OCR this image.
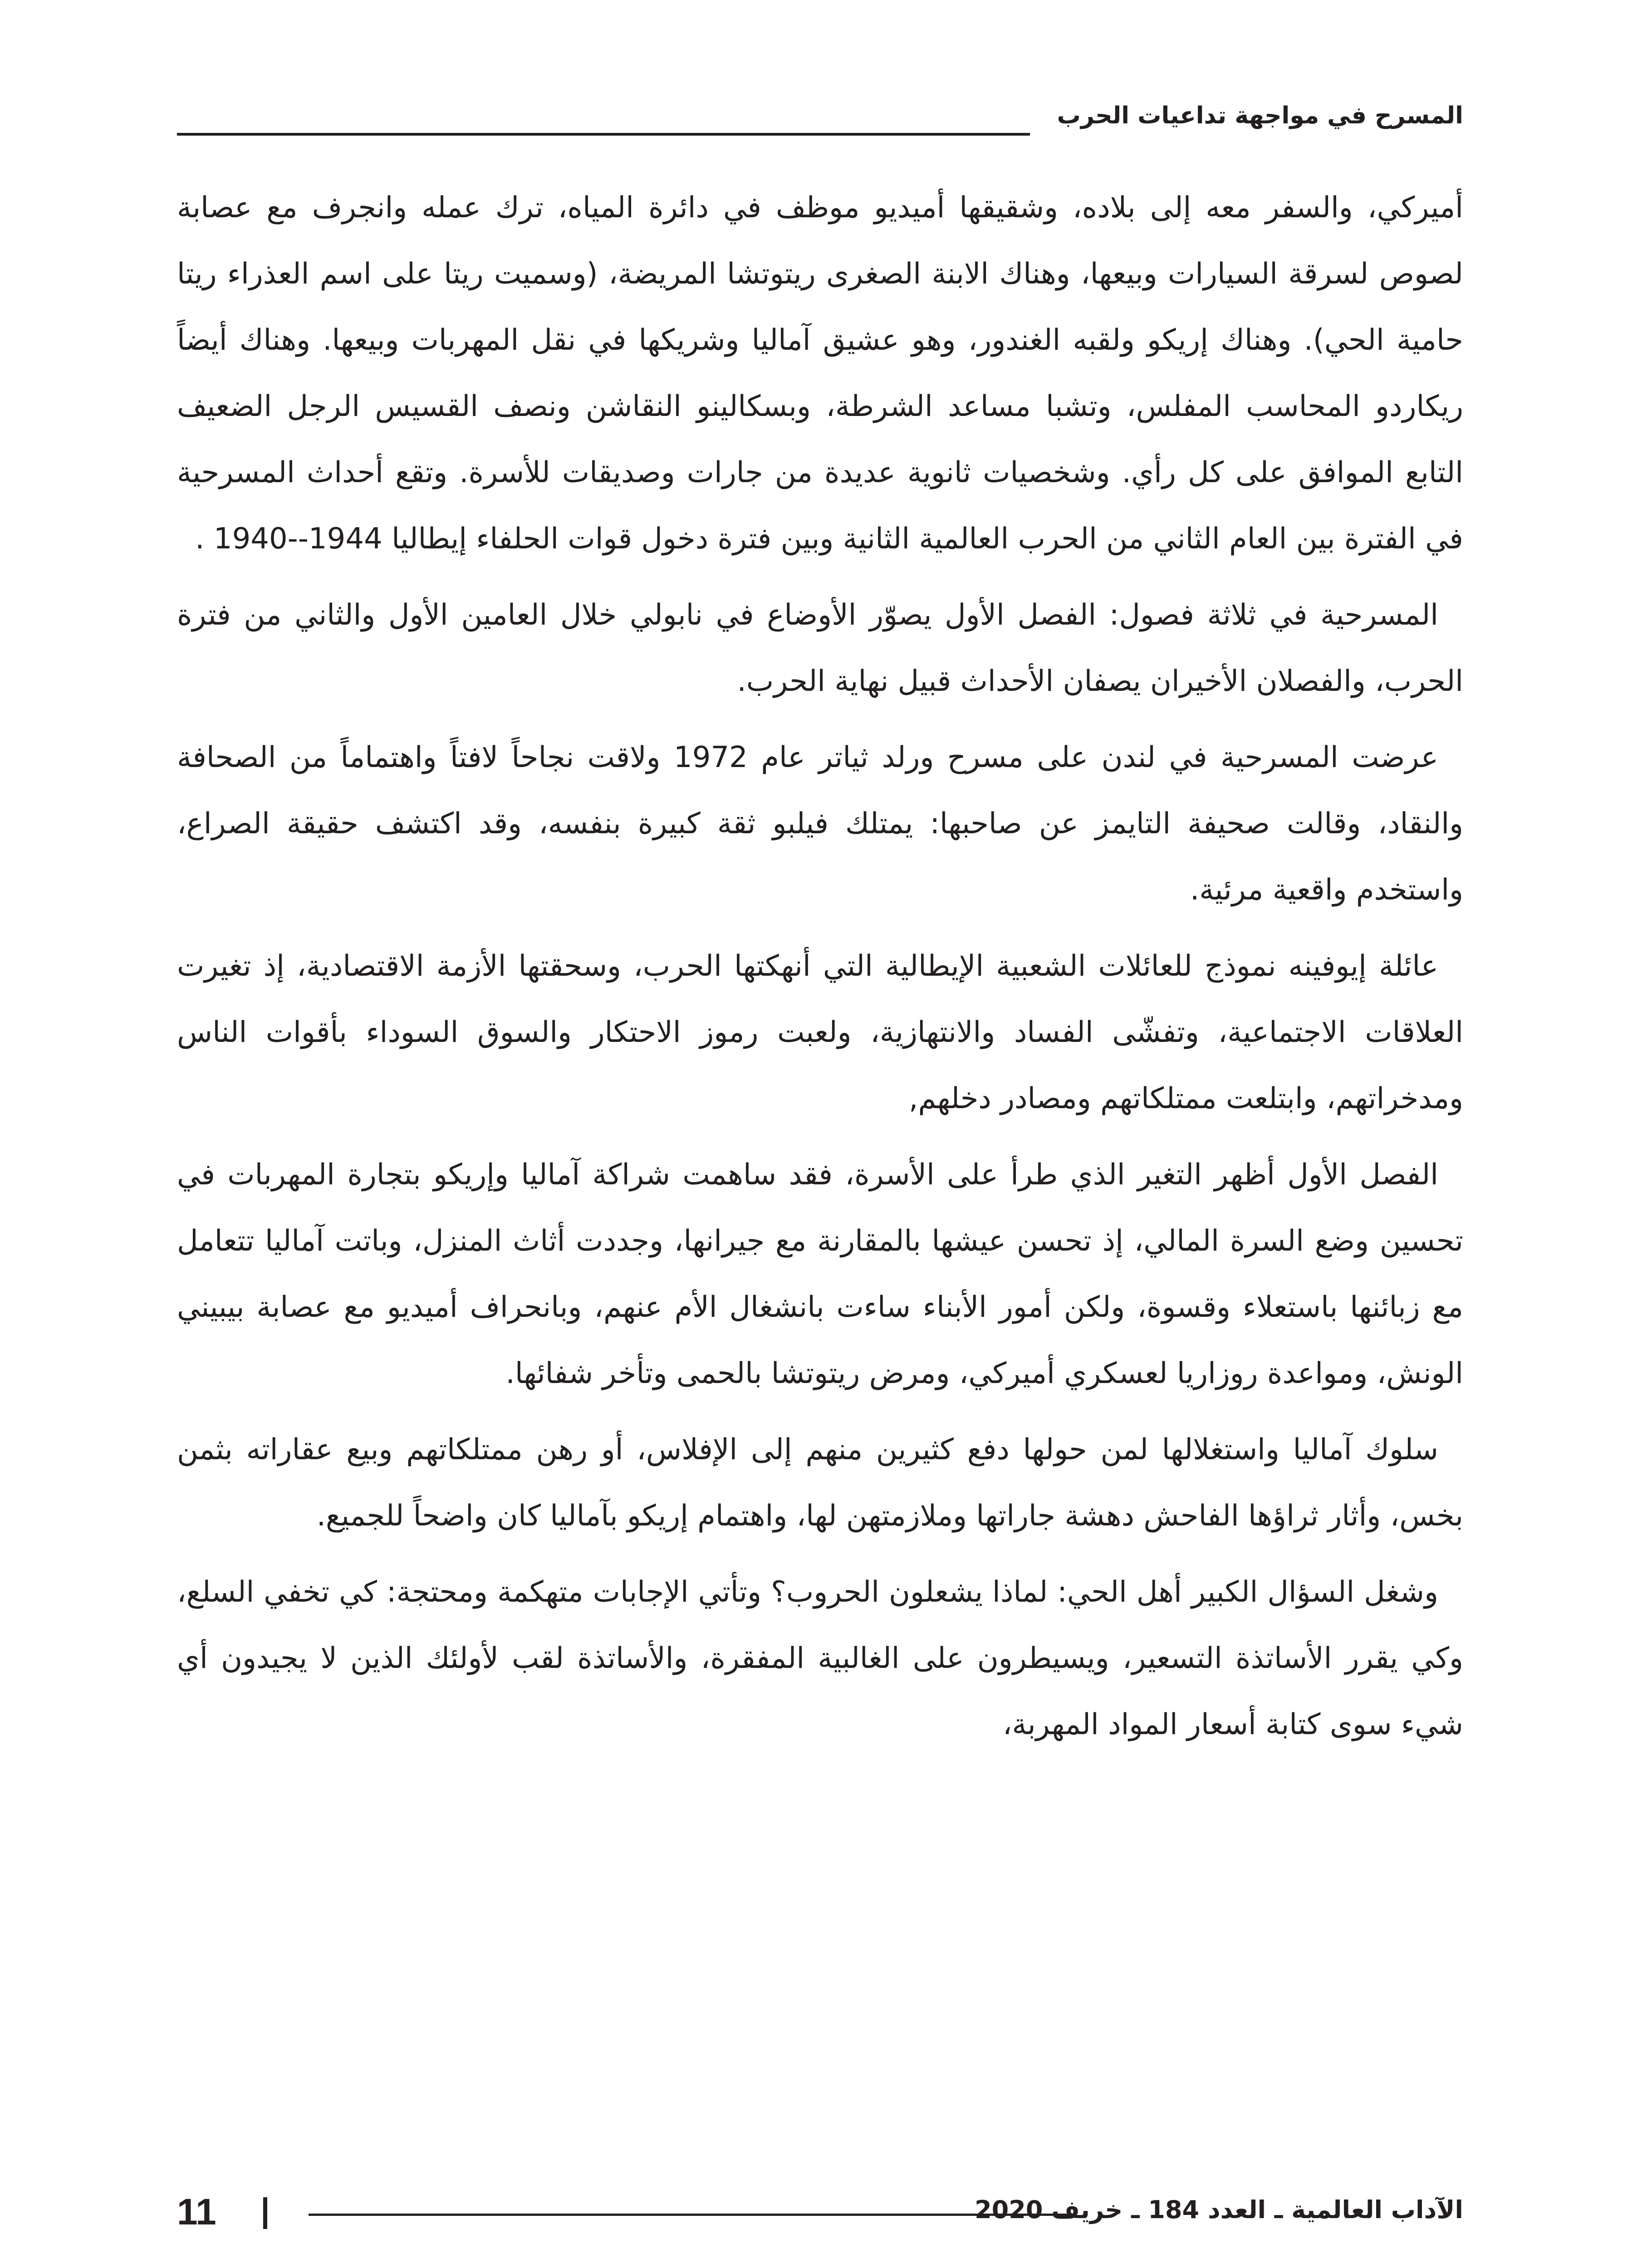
المسرح في مواجهة تداعيات الحرب

أميركي، والسفر معه إلى بلاده، وشقيقها أميديو موظف في دائرة المياه، ترك عمله وانجرف مع عصابة لصوص لسرقة السيارات وبيعها، وهناك الابنة الصغرى ريتوتشا المريضة، (وسميت ريتا على اسم العذراء ريتا حامية الحي). وهناك إريكو ولقبه الغندور، وهو عشيق آماليا وشريكها في نقل المهربات وبيعها. وهناك أيضاً ريكاردو المحاسب المفلس، وتشبا مساعد الشرطة، وبسكالينو النقاشن ونصف القسيس الرجل الضعيف التابع الموافق على كل رأي. وشخصيات ثانوية عديدة من جارات وصديقات للأسرة. وتقع أحداث المسرحية في الفترة بين العام الثاني من الحرب العالمية الثانية وبين فترة دخول قوات الحلفاء إيطاليا 1944--1940 .

المسرحية في ثلاثة فصول: الفصل الأول يصوّر الأوضاع في نابولي خلال العامين الأول والثاني من فترة الحرب، والفصلان الأخيران يصفان الأحداث قبيل نهاية الحرب.

عرضت المسرحية في لندن على مسرح ورلد ثياتر عام 1972 ولاقت نجاحاً لافتاً واهتماماً من الصحافة والنقاد، وقالت صحيفة التايمز عن صاحبها: يمتلك فيلبو ثقة كبيرة بنفسه، وقد اكتشف حقيقة الصراع، واستخدم واقعية مرئية.

عائلة إيوفينه نموذج للعائلات الشعبية الإيطالية التي أنهكتها الحرب، وسحقتها الأزمة الاقتصادية، إذ تغيرت العلاقات الاجتماعية، وتفشّى الفساد والانتهازية، ولعبت رموز الاحتكار والسوق السوداء بأقوات الناس ومدخراتهم، وابتلعت ممتلكاتهم ومصادر دخلهم,

الفصل الأول أظهر التغير الذي طرأ على الأسرة، فقد ساهمت شراكة آماليا وإريكو بتجارة المهربات في تحسين وضع السرة المالي، إذ تحسن عيشها بالمقارنة مع جيرانها، وجددت أثاث المنزل، وباتت آماليا تتعامل مع زبائنها باستعلاء وقسوة، ولكن أمور الأبناء ساءت بانشغال الأم عنهم، وبانحراف أميديو مع عصابة بيبيني الونش، ومواعدة روزاريا لعسكري أميركي، ومرض ريتوتشا بالحمى وتأخر شفائها.

سلوك آماليا واستغلالها لمن حولها دفع كثيرين منهم إلى الإفلاس، أو رهن ممتلكاتهم وبيع عقاراته بثمن بخس، وأثار ثراؤها الفاحش دهشة جاراتها وملازمتهن لها، واهتمام إريكو بآماليا كان واضحاً للجميع.

وشغل السؤال الكبير أهل الحي: لماذا يشعلون الحروب؟ وتأتي الإجابات متهكمة ومحتجة: كي تخفي السلع، وكي يقرر الأساتذة التسعير، ويسيطرون على الغالبية المفقرة، والأساتذة لقب لأولئك الذين لا يجيدون أي شيء سوى كتابة أسعار المواد المهربة،

11	الآداب العالمية ـ العدد 184 ـ خريف 2020
